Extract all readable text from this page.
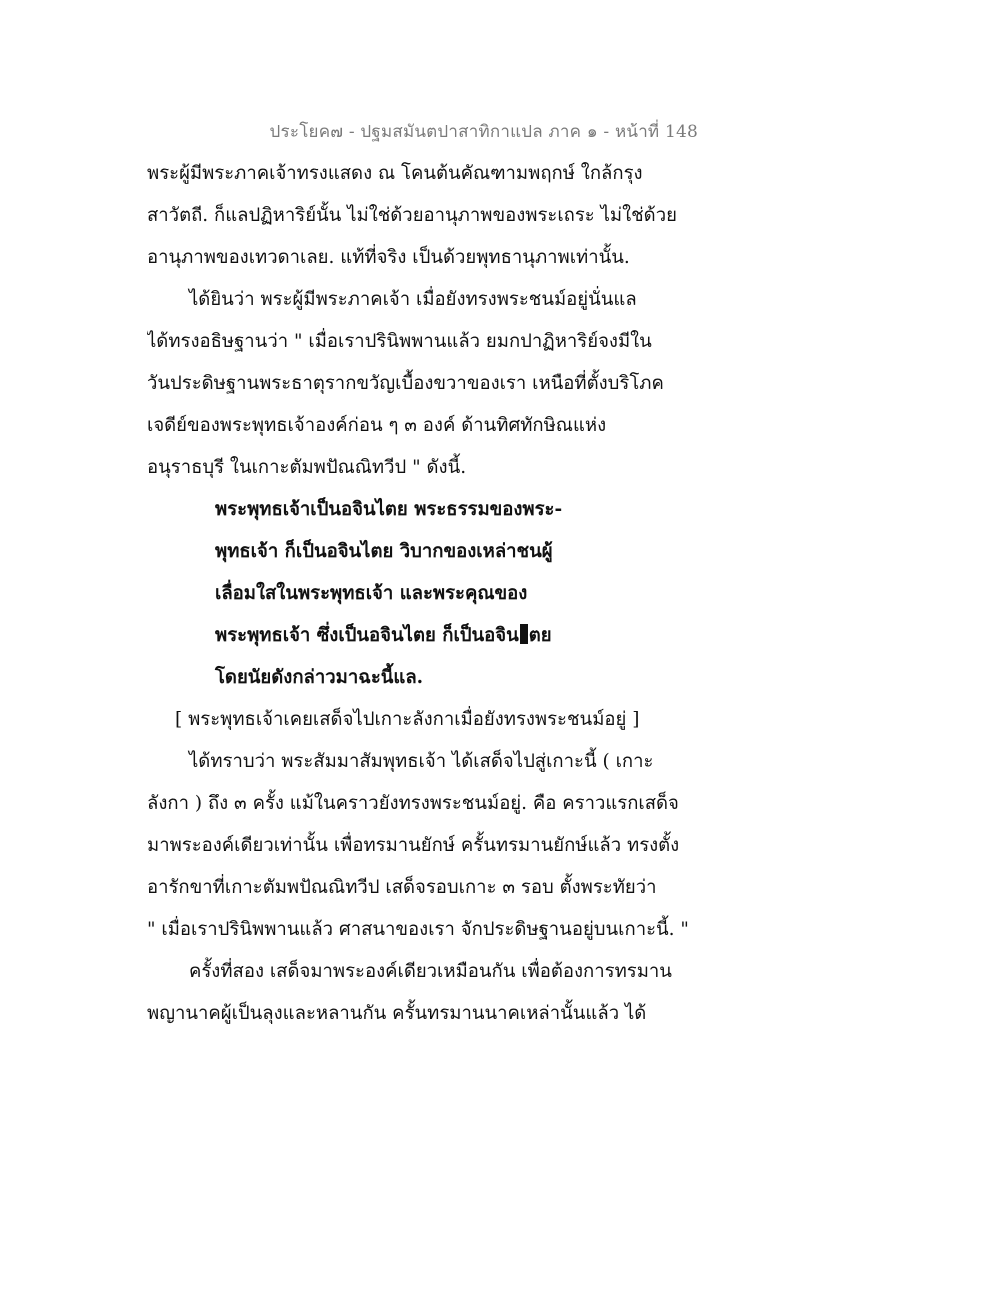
ประโยค๗ - ปฐมสมันตปาสาทิกาแปล ภาค ๑ - หน้าที่ 148
พระผู้มีพระภาคเจ้าทรงแสดง ณ โคนต้นคัณฑามพฤกษ์ ใกล้กรุง
สาวัตถี. ก็แลปฏิหาริย์นั้น ไม่ใช่ด้วยอานุภาพของพระเถระ ไม่ใช่ด้วย
อานุภาพของเทวดาเลย. แท้ที่จริง เป็นด้วยพุทธานุภาพเท่านั้น.
ได้ยินว่า พระผู้มีพระภาคเจ้า เมื่อยังทรงพระชนม์อยู่นั่นแล
ได้ทรงอธิษฐานว่า " เมื่อเราปรินิพพานแล้ว ยมกปาฏิหาริย์จงมีใน
วันประดิษฐานพระธาตุรากขวัญเบื้องขวาของเรา เหนือที่ตั้งบริโภค
เจดีย์ของพระพุทธเจ้าองค์ก่อน ๆ ๓ องค์ ด้านทิศทักษิณแห่ง
อนุราธบุรี ในเกาะตัมพปัณณิทวีป " ดังนี้.
พระพุทธเจ้าเป็นอจินไตย พระธรรมของพระ-
พุทธเจ้า ก็เป็นอจินไตย วิบากของเหล่าชนผู้
เลื่อมใสในพระพุทธเจ้า และพระคุณของ
พระพุทธเจ้า ซึ่งเป็นอจินไตย ก็เป็นอจิน ตย
โดยนัยดังกล่าวมาฉะนี้แล.
[ พระพุทธเจ้าเคยเสด็จไปเกาะลังกาเมื่อยังทรงพระชนม์อยู่ ]
ได้ทราบว่า พระสัมมาสัมพุทธเจ้า ได้เสด็จไปสู่เกาะนี้ ( เกาะ
ลังกา ) ถึง ๓ ครั้ง แม้ในคราวยังทรงพระชนม์อยู่. คือ คราวแรกเสด็จ
มาพระองค์เดียวเท่านั้น เพื่อทรมานยักษ์ ครั้นทรมานยักษ์แล้ว ทรงตั้ง
อารักขาที่เกาะตัมพปัณณิทวีป เสด็จรอบเกาะ ๓ รอบ ตั้งพระทัยว่า
" เมื่อเราปรินิพพานแล้ว ศาสนาของเรา จักประดิษฐานอยู่บนเกาะนี้. "
ครั้งที่สอง เสด็จมาพระองค์เดียวเหมือนกัน เพื่อต้องการทรมาน
พญานาคผู้เป็นลุงและหลานกัน ครั้นทรมานนาคเหล่านั้นแล้ว ได้
